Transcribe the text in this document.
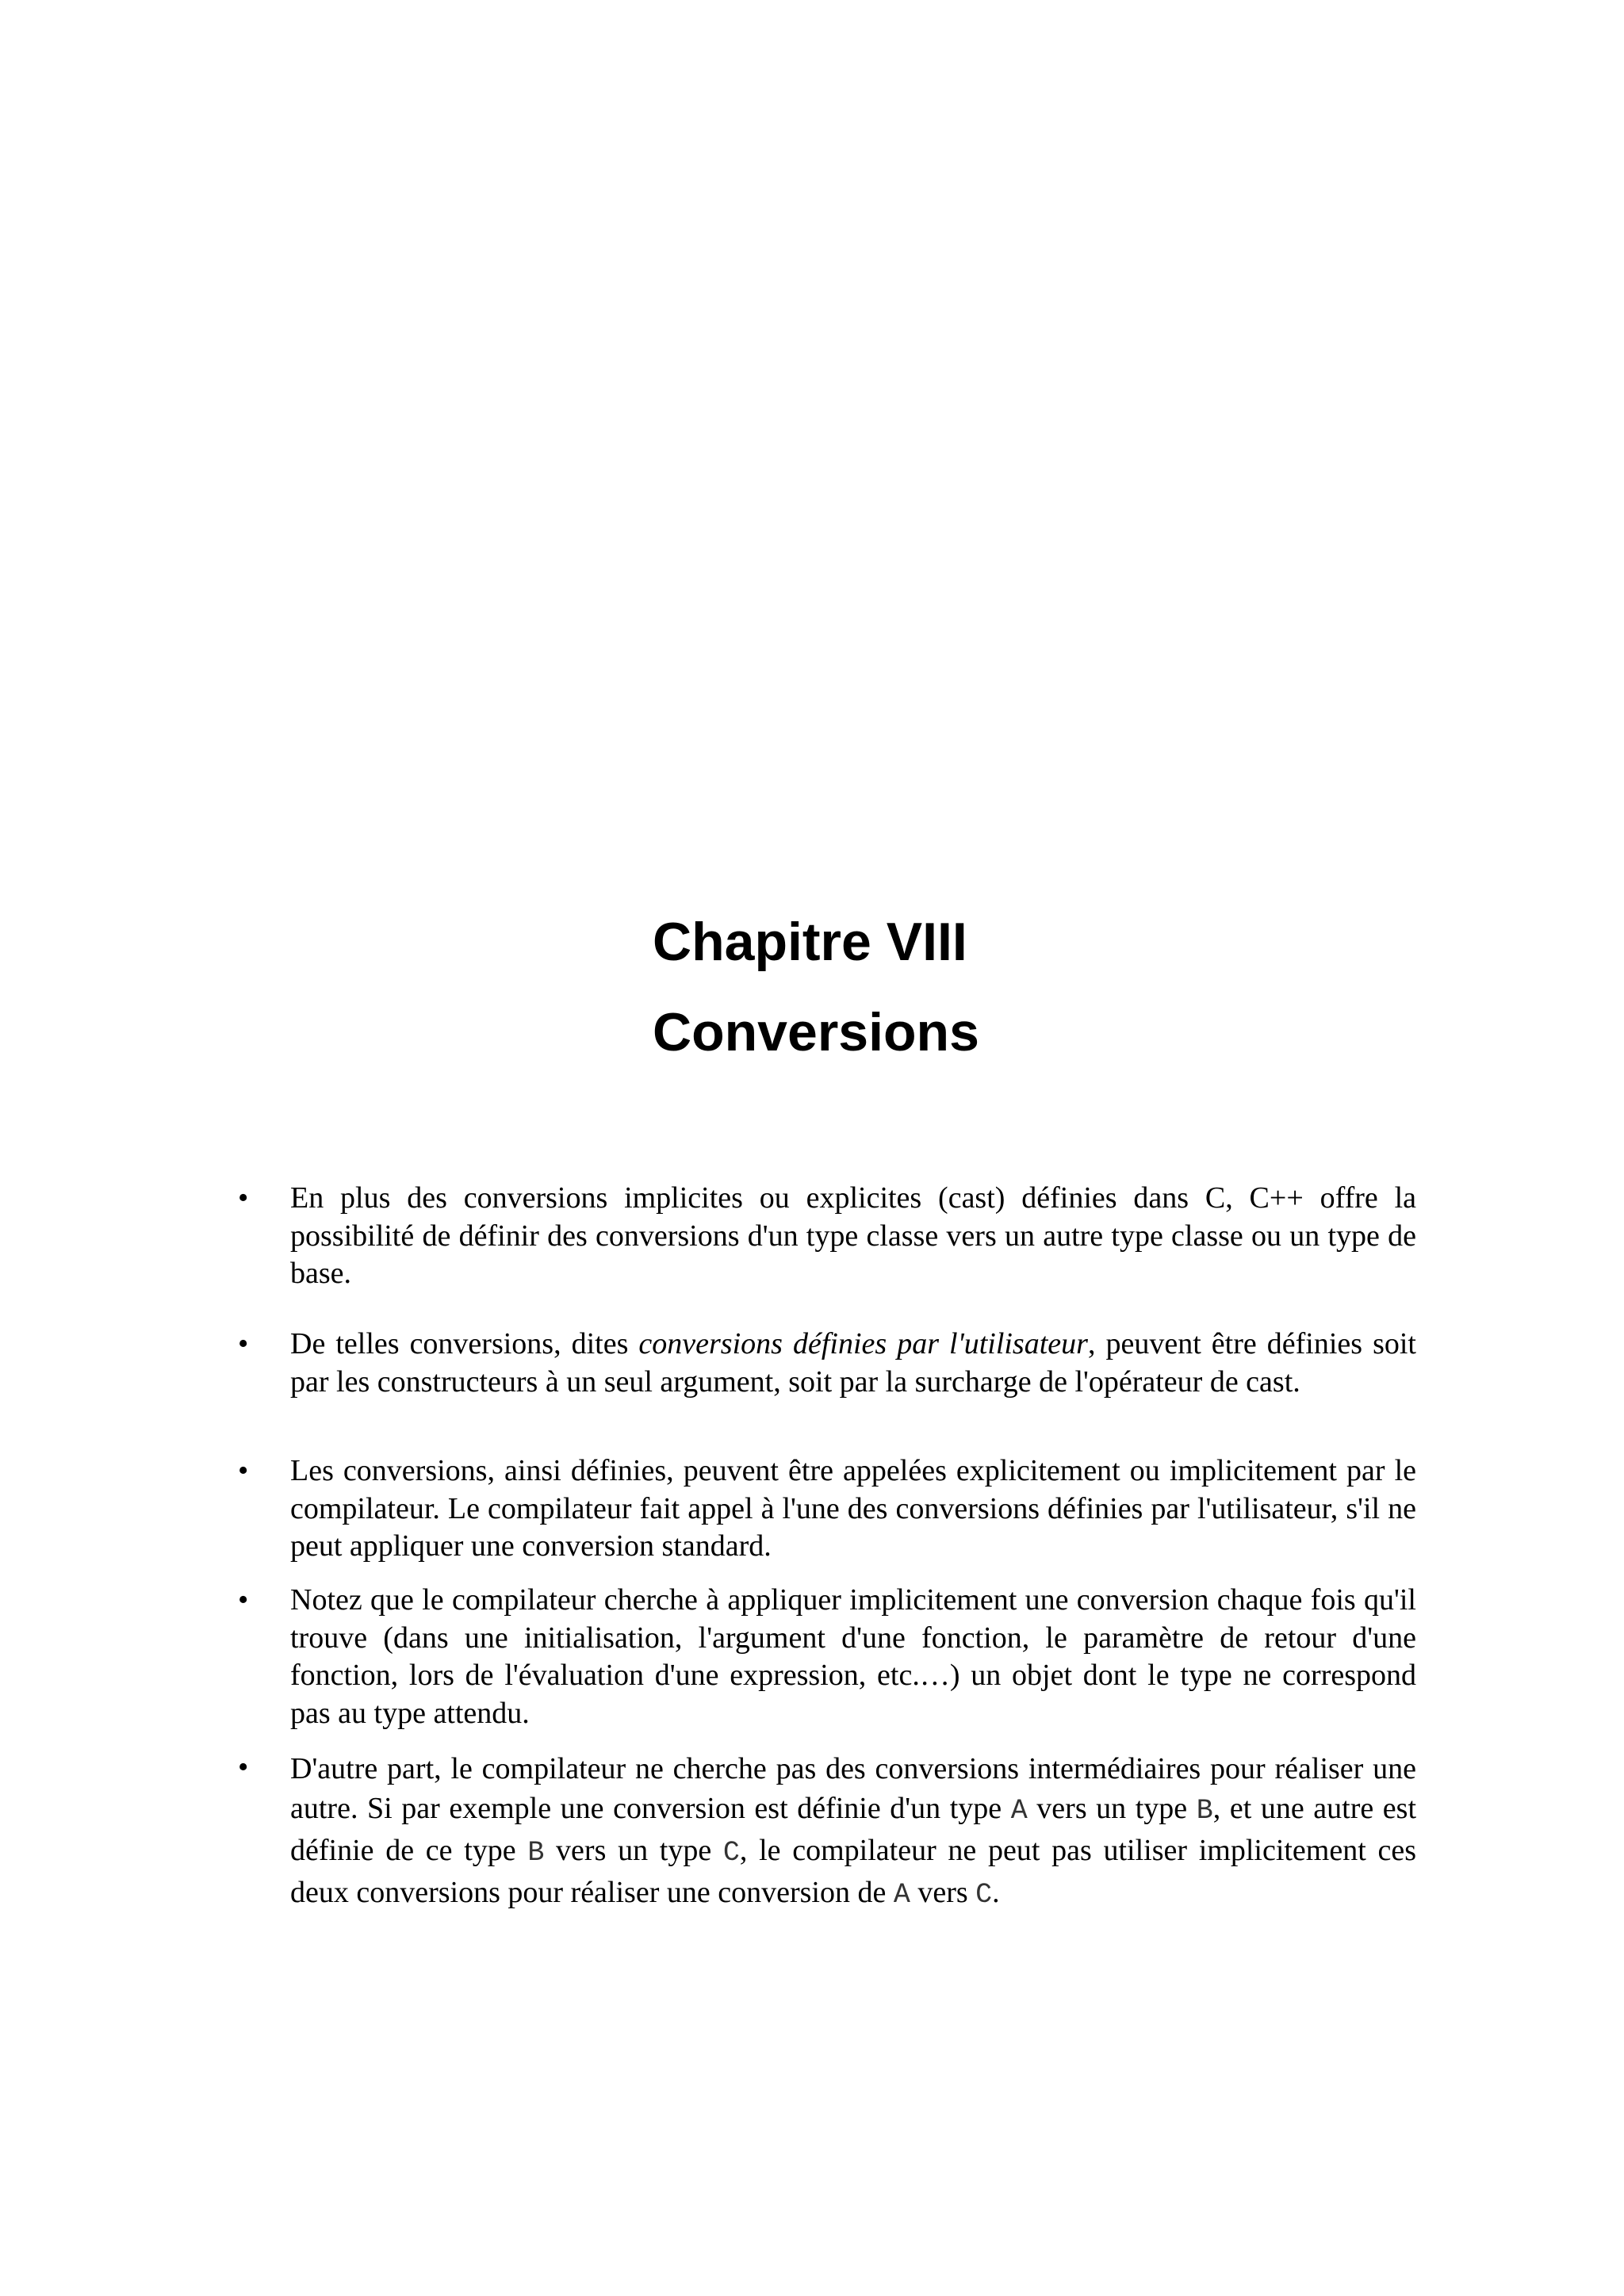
Chapitre VIII
Conversions
• En plus des conversions implicites ou explicites (cast) définies dans C, C++ offre la possibilité de définir des conversions d'un type classe vers un autre type classe ou un type de base.

• De telles conversions, dites conversions définies par l'utilisateur, peuvent être définies soit par les constructeurs à un seul argument, soit par la surcharge de l'opérateur de cast.

• Les conversions, ainsi définies, peuvent être appelées explicitement ou implicitement par le compilateur. Le compilateur fait appel à l'une des conversions définies par l'utilisateur, s'il ne peut appliquer une conversion standard.

• Notez que le compilateur cherche à appliquer implicitement une conversion chaque fois qu'il trouve (dans une initialisation, l'argument d'une fonction, le paramètre de retour d'une fonction, lors de l'évaluation d'une expression, etc.…) un objet dont le type ne correspond pas au type attendu.

• D'autre part, le compilateur ne cherche pas des conversions intermédiaires pour réaliser une autre. Si par exemple une conversion est définie d'un type A vers un type B, et une autre est définie de ce type B vers un type C, le compilateur ne peut pas utiliser implicitement ces deux conversions pour réaliser une conversion de A vers C.
